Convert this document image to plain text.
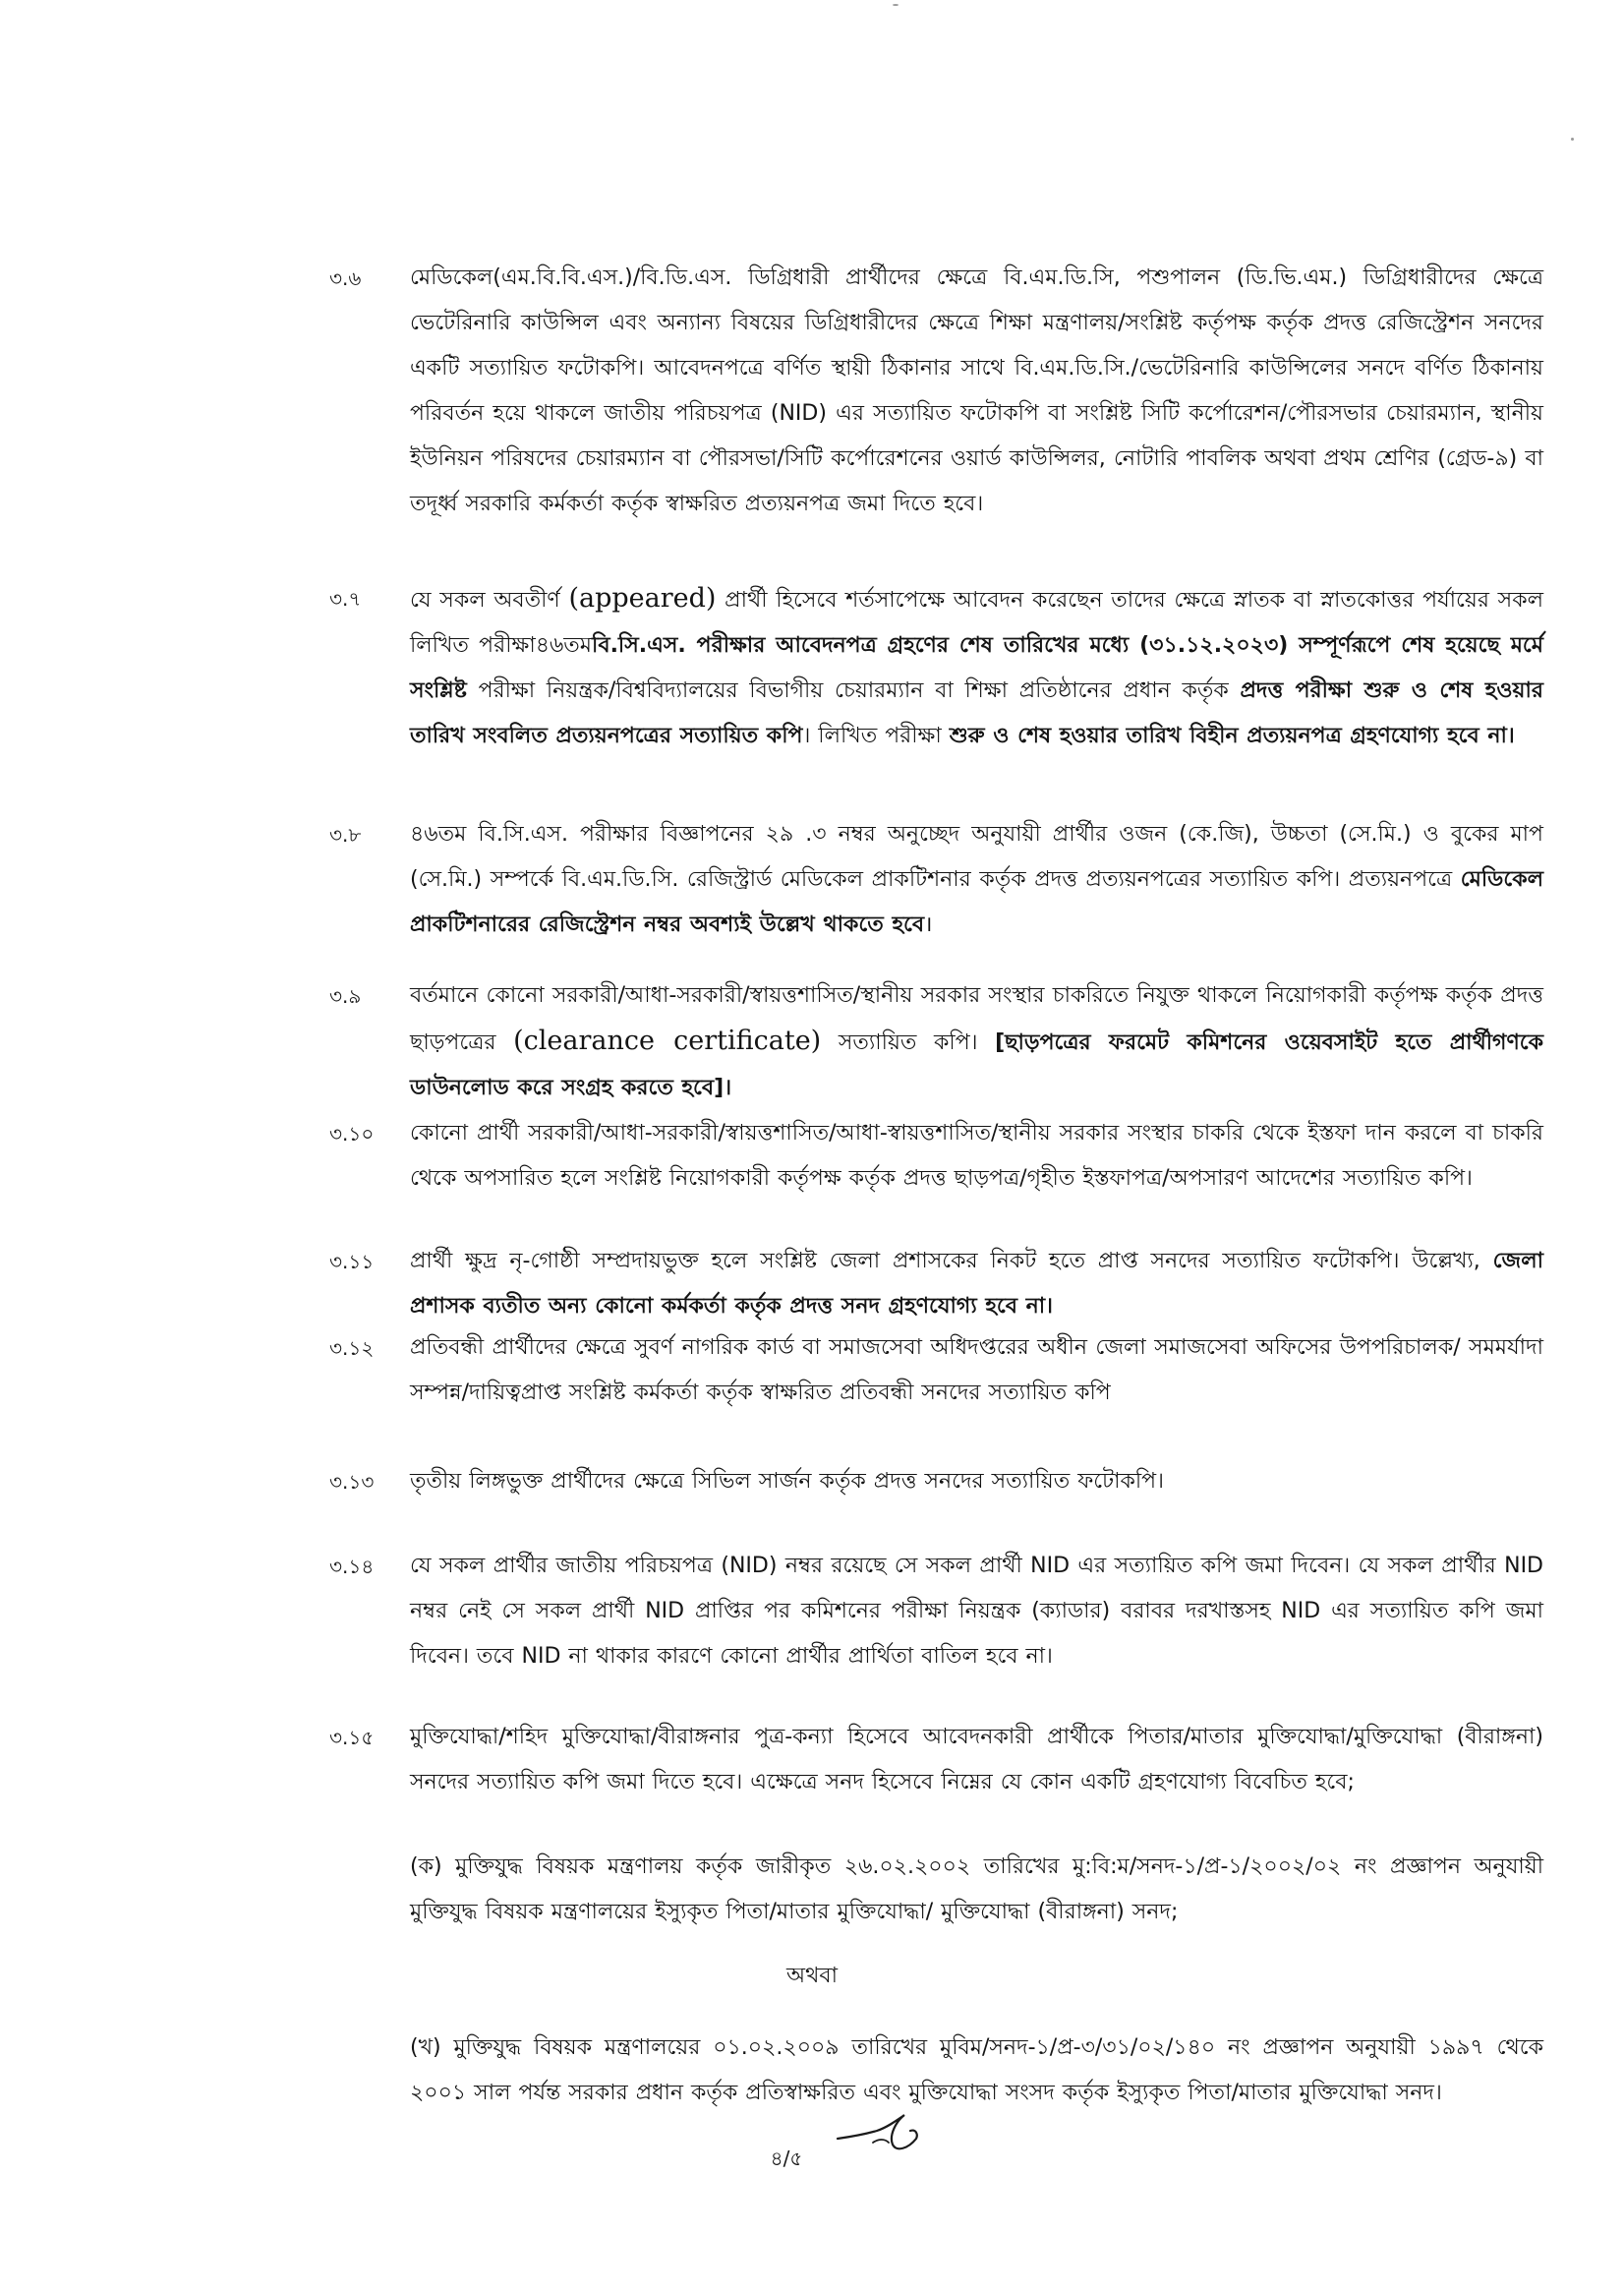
৩.৬	মেডিকেল(এম.বি.বি.এস.)/বি.ডি.এস. ডিগ্রিধারী প্রার্থীদের ক্ষেত্রে বি.এম.ডি.সি, পশুপালন (ডি.ভি.এম.) ডিগ্রিধারীদের ক্ষেত্রে ভেটেরিনারি কাউন্সিল এবং অন্যান্য বিষয়ের ডিগ্রিধারীদের ক্ষেত্রে শিক্ষা মন্ত্রণালয়/সংশ্লিষ্ট কর্তৃপক্ষ কর্তৃক প্রদত্ত রেজিস্ট্রেশন সনদের একটি সত্যায়িত ফটোকপি। আবেদনপত্রে বর্ণিত স্থায়ী ঠিকানার সাথে বি.এম.ডি.সি./ভেটেরিনারি কাউন্সিলের সনদে বর্ণিত ঠিকানায় পরিবর্তন হয়ে থাকলে জাতীয় পরিচয়পত্র (NID) এর সত্যায়িত ফটোকপি বা সংশ্লিষ্ট সিটি কর্পোরেশন/পৌরসভার চেয়ারম্যান, স্থানীয় ইউনিয়ন পরিষদের চেয়ারম্যান বা পৌরসভা/সিটি কর্পোরেশনের ওয়ার্ড কাউন্সিলর, নোটারি পাবলিক অথবা প্রথম শ্রেণির (গ্রেড-৯) বা তদূর্ধ্ব সরকারি কর্মকর্তা কর্তৃক স্বাক্ষরিত প্রত্যয়নপত্র জমা দিতে হবে।
৩.৭	যে সকল অবতীর্ণ (appeared) প্রার্থী হিসেবে শর্তসাপেক্ষে আবেদন করেছেন তাদের ক্ষেত্রে স্নাতক বা স্নাতকোত্তর পর্যায়ের সকল লিখিত পরীক্ষা৪৬তমবি.সি.এস. পরীক্ষার আবেদনপত্র গ্রহণের শেষ তারিখের মধ্যে (৩১.১২.২০২৩) সম্পূর্ণরূপে শেষ হয়েছে মর্মে সংশ্লিষ্ট পরীক্ষা নিয়ন্ত্রক/বিশ্ববিদ্যালয়ের বিভাগীয় চেয়ারম্যান বা শিক্ষা প্রতিষ্ঠানের প্রধান কর্তৃক প্রদত্ত পরীক্ষা শুরু ও শেষ হওয়ার তারিখ সংবলিত প্রত্যয়নপত্রের সত্যায়িত কপি। লিখিত পরীক্ষা শুরু ও শেষ হওয়ার তারিখ বিহীন প্রত্যয়নপত্র গ্রহণযোগ্য হবে না।
৩.৮	৪৬তম বি.সি.এস. পরীক্ষার বিজ্ঞাপনের ২৯ .৩ নম্বর অনুচ্ছেদ অনুযায়ী প্রার্থীর ওজন (কে.জি), উচ্চতা (সে.মি.) ও বুকের মাপ (সে.মি.) সম্পর্কে বি.এম.ডি.সি. রেজিস্ট্রার্ড মেডিকেল প্রাকটিশনার কর্তৃক প্রদত্ত প্রত্যয়নপত্রের সত্যায়িত কপি। প্রত্যয়নপত্রে মেডিকেল প্রাকটিশনারের রেজিস্ট্রেশন নম্বর অবশ্যই উল্লেখ থাকতে হবে।
৩.৯	বর্তমানে কোনো সরকারী/আধা-সরকারী/স্বায়ত্তশাসিত/স্থানীয় সরকার সংস্থার চাকরিতে নিযুক্ত থাকলে নিয়োগকারী কর্তৃপক্ষ কর্তৃক প্রদত্ত ছাড়পত্রের (clearance certificate) সত্যায়িত কপি। [ছাড়পত্রের ফরমেট কমিশনের ওয়েবসাইট হতে প্রার্থীগণকে ডাউনলোড করে সংগ্রহ করতে হবে]।
৩.১০	কোনো প্রার্থী সরকারী/আধা-সরকারী/স্বায়ত্তশাসিত/আধা-স্বায়ত্তশাসিত/স্থানীয় সরকার সংস্থার চাকরি থেকে ইস্তফা দান করলে বা চাকরি থেকে অপসারিত হলে সংশ্লিষ্ট নিয়োগকারী কর্তৃপক্ষ কর্তৃক প্রদত্ত ছাড়পত্র/গৃহীত ইস্তফাপত্র/অপসারণ আদেশের সত্যায়িত কপি।
৩.১১	প্রার্থী ক্ষুদ্র নৃ-গোষ্ঠী সম্প্রদায়ভুক্ত হলে সংশ্লিষ্ট জেলা প্রশাসকের নিকট হতে প্রাপ্ত সনদের সত্যায়িত ফটোকপি। উল্লেখ্য, জেলা প্রশাসক ব্যতীত অন্য কোনো কর্মকর্তা কর্তৃক প্রদত্ত সনদ গ্রহণযোগ্য হবে না।
৩.১২	প্রতিবন্ধী প্রার্থীদের ক্ষেত্রে সুবর্ণ নাগরিক কার্ড বা সমাজসেবা অধিদপ্তরের অধীন জেলা সমাজসেবা অফিসের উপপরিচালক/ সমমর্যাদা সম্পন্ন/দায়িত্বপ্রাপ্ত সংশ্লিষ্ট কর্মকর্তা কর্তৃক স্বাক্ষরিত প্রতিবন্ধী সনদের সত্যায়িত কপি
৩.১৩	তৃতীয় লিঙ্গভুক্ত প্রার্থীদের ক্ষেত্রে সিভিল সার্জন কর্তৃক প্রদত্ত সনদের সত্যায়িত ফটোকপি।
৩.১৪	যে সকল প্রার্থীর জাতীয় পরিচয়পত্র (NID) নম্বর রয়েছে সে সকল প্রার্থী NID এর সত্যায়িত কপি জমা দিবেন। যে সকল প্রার্থীর NID নম্বর নেই সে সকল প্রার্থী NID প্রাপ্তির পর কমিশনের পরীক্ষা নিয়ন্ত্রক (ক্যাডার) বরাবর দরখাস্তসহ NID এর সত্যায়িত কপি জমা দিবেন। তবে NID না থাকার কারণে কোনো প্রার্থীর প্রার্থিতা বাতিল হবে না।
৩.১৫	মুক্তিযোদ্ধা/শহিদ মুক্তিযোদ্ধা/বীরাঙ্গনার পুত্র-কন্যা হিসেবে আবেদনকারী প্রার্থীকে পিতার/মাতার মুক্তিযোদ্ধা/মুক্তিযোদ্ধা (বীরাঙ্গনা) সনদের সত্যায়িত কপি জমা দিতে হবে। এক্ষেত্রে সনদ হিসেবে নিম্নের যে কোন একটি গ্রহণযোগ্য বিবেচিত হবে;
(ক) মুক্তিযুদ্ধ বিষয়ক মন্ত্রণালয় কর্তৃক জারীকৃত ২৬.০২.২০০২ তারিখের মু:বি:ম/সনদ-১/প্র-১/২০০২/০২ নং প্রজ্ঞাপন অনুযায়ী মুক্তিযুদ্ধ বিষয়ক মন্ত্রণালয়ের ইস্যুকৃত পিতা/মাতার মুক্তিযোদ্ধা/ মুক্তিযোদ্ধা (বীরাঙ্গনা) সনদ;
অথবা
(খ) মুক্তিযুদ্ধ বিষয়ক মন্ত্রণালয়ের ০১.০২.২০০৯ তারিখের মুবিম/সনদ-১/প্র-৩/৩১/০২/১৪০ নং প্রজ্ঞাপন অনুযায়ী ১৯৯৭ থেকে ২০০১ সাল পর্যন্ত সরকার প্রধান কর্তৃক প্রতিস্বাক্ষরিত এবং মুক্তিযোদ্ধা সংসদ কর্তৃক ইস্যুকৃত পিতা/মাতার মুক্তিযোদ্ধা সনদ।
৪/৫
